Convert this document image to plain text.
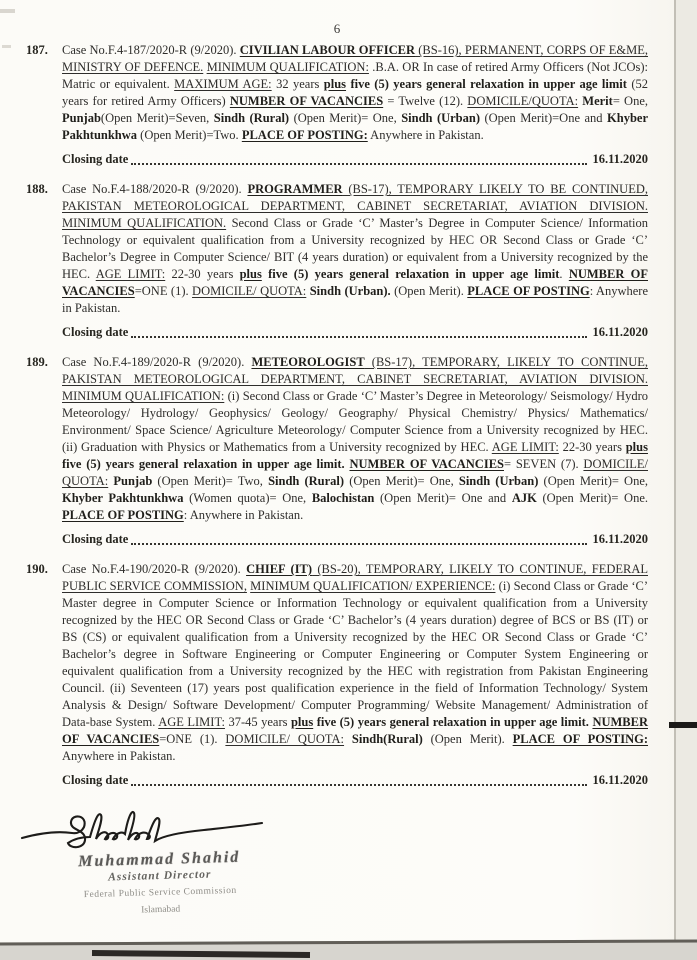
6
187.	Case No.F.4-187/2020-R (9/2020). CIVILIAN LABOUR OFFICER (BS-16), PERMANENT, CORPS OF E&ME, MINISTRY OF DEFENCE. MINIMUM QUALIFICATION: .B.A. OR In case of retired Army Officers (Not JCOs): Matric or equivalent. MAXIMUM AGE: 32 years plus five (5) years general relaxation in upper age limit (52 years for retired Army Officers) NUMBER OF VACANCIES = Twelve (12). DOMICILE/QUOTA: Merit= One, Punjab(Open Merit)=Seven, Sindh (Rural) (Open Merit)= One, Sindh (Urban) (Open Merit)=One and Khyber Pakhtunkhwa (Open Merit)=Two. PLACE OF POSTING: Anywhere in Pakistan.

Closing date	16.11.2020
188.	Case No.F.4-188/2020-R (9/2020). PROGRAMMER (BS-17), TEMPORARY LIKELY TO BE CONTINUED, PAKISTAN METEOROLOGICAL DEPARTMENT, CABINET SECRETARIAT, AVIATION DIVISION. MINIMUM QUALIFICATION. Second Class or Grade ‘C’ Master’s Degree in Computer Science/ Information Technology or equivalent qualification from a University recognized by HEC OR Second Class or Grade ‘C’ Bachelor’s Degree in Computer Science/ BIT (4 years duration) or equivalent from a University recognized by the HEC. AGE LIMIT: 22-30 years plus five (5) years general relaxation in upper age limit. NUMBER OF VACANCIES=ONE (1). DOMICILE/ QUOTA: Sindh (Urban). (Open Merit). PLACE OF POSTING: Anywhere in Pakistan.

Closing date	16.11.2020
189.	Case No.F.4-189/2020-R (9/2020). METEOROLOGIST (BS-17), TEMPORARY, LIKELY TO CONTINUE, PAKISTAN METEOROLOGICAL DEPARTMENT, CABINET SECRETARIAT, AVIATION DIVISION. MINIMUM QUALIFICATION: (i) Second Class or Grade ‘C’ Master’s Degree in Meteorology/ Seismology/ Hydro Meteorology/ Hydrology/ Geophysics/ Geology/ Geography/ Physical Chemistry/ Physics/ Mathematics/ Environment/ Space Science/ Agriculture Meteorology/ Computer Science from a University recognized by HEC. (ii) Graduation with Physics or Mathematics from a University recognized by HEC. AGE LIMIT: 22-30 years plus five (5) years general relaxation in upper age limit. NUMBER OF VACANCIES= SEVEN (7). DOMICILE/ QUOTA: Punjab (Open Merit)= Two, Sindh (Rural) (Open Merit)= One, Sindh (Urban) (Open Merit)= One, Khyber Pakhtunkhwa (Women quota)= One, Balochistan (Open Merit)= One and AJK (Open Merit)= One. PLACE OF POSTING: Anywhere in Pakistan.

Closing date	16.11.2020
190.	Case No.F.4-190/2020-R (9/2020). CHIEF (IT) (BS-20), TEMPORARY, LIKELY TO CONTINUE, FEDERAL PUBLIC SERVICE COMMISSION, MINIMUM QUALIFICATION/ EXPERIENCE: (i) Second Class or Grade ‘C’ Master degree in Computer Science or Information Technology or equivalent qualification from a University recognized by the HEC OR Second Class or Grade ‘C’ Bachelor’s (4 years duration) degree of BCS or BS (IT) or BS (CS) or equivalent qualification from a University recognized by the HEC OR Second Class or Grade ‘C’ Bachelor’s degree in Software Engineering or Computer Engineering or Computer System Engineering or equivalent qualification from a University recognized by the HEC with registration from Pakistan Engineering Council. (ii) Seventeen (17) years post qualification experience in the field of Information Technology/ System Analysis & Design/ Software Development/ Computer Programming/ Website Management/ Administration of Data-base System. AGE LIMIT: 37-45 years plus five (5) years general relaxation in upper age limit. NUMBER OF VACANCIES=ONE (1). DOMICILE/ QUOTA: Sindh(Rural) (Open Merit). PLACE OF POSTING: Anywhere in Pakistan.

Closing date	16.11.2020
Muhammad Shahid
Assistant Director
Federal Public Service Commission
Islamabad
